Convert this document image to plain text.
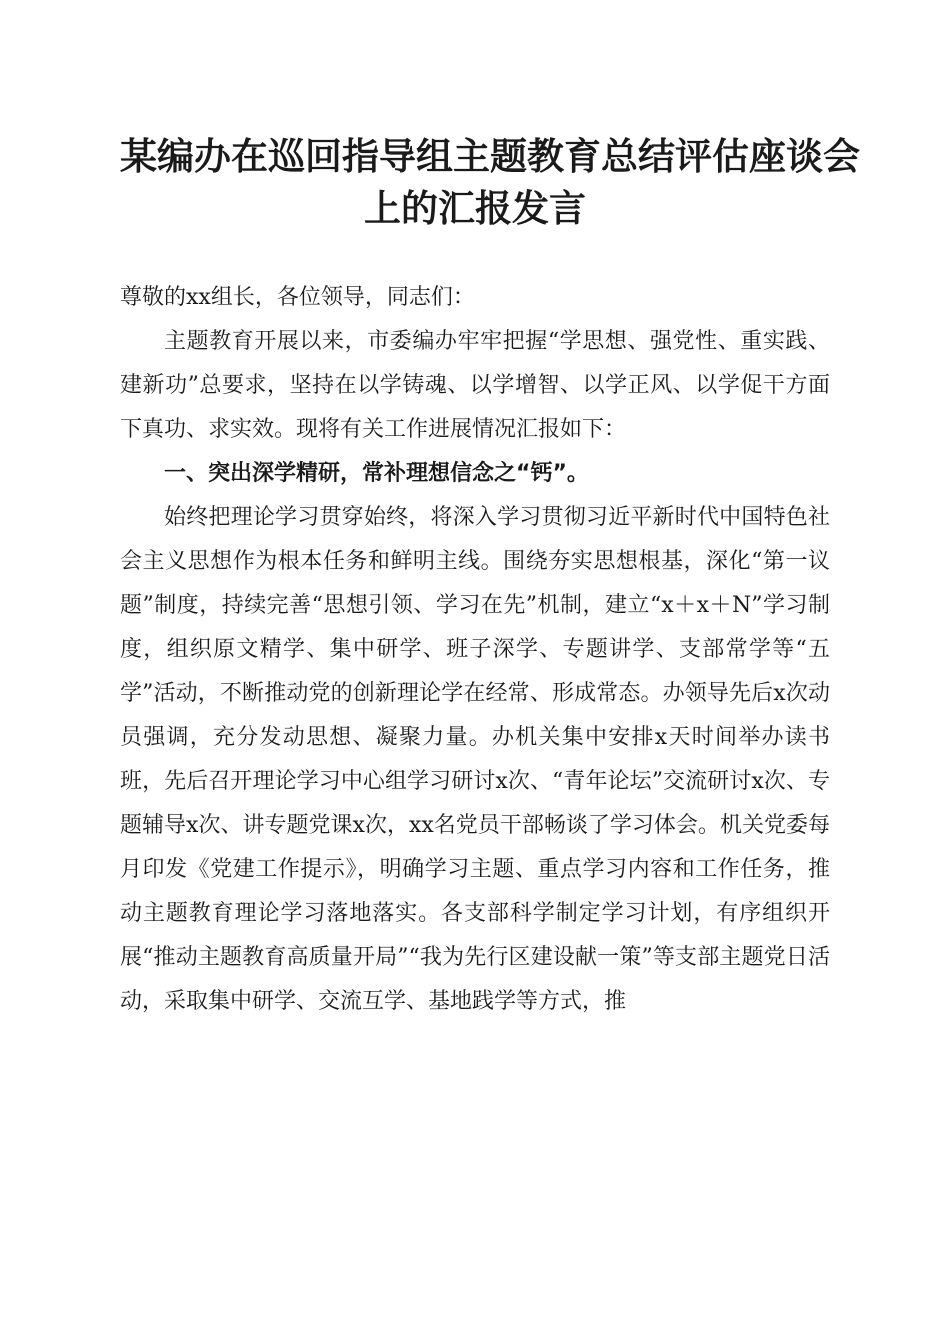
某编办在巡回指导组主题教育总结评估座谈会
上的汇报发言

尊敬的xx组长，各位领导，同志们：

主题教育开展以来，市委编办牢牢把握“学思想、强党性、重实践、建新功”总要求，坚持在以学铸魂、以学增智、以学正风、以学促干方面下真功、求实效。现将有关工作进展情况汇报如下：

一、突出深学精研，常补理想信念之“钙”。

始终把理论学习贯穿始终，将深入学习贯彻习近平新时代中国特色社会主义思想作为根本任务和鲜明主线。围绕夯实思想根基，深化“第一议题”制度，持续完善“思想引领、学习在先”机制，建立“x＋x＋N”学习制度，组织原文精学、集中研学、班子深学、专题讲学、支部常学等“五学”活动，不断推动党的创新理论学在经常、形成常态。办领导先后x次动员强调，充分发动思想、凝聚力量。办机关集中安排x天时间举办读书班，先后召开理论学习中心组学习研讨x次、“青年论坛”交流研讨x次、专题辅导x次、讲专题党课x次，xx名党员干部畅谈了学习体会。机关党委每月印发《党建工作提示》，明确学习主题、重点学习内容和工作任务，推动主题教育理论学习落地落实。各支部科学制定学习计划，有序组织开展“推动主题教育高质量开局”“我为先行区建设献一策”等支部主题党日活动，采取集中研学、交流互学、基地践学等方式，推
